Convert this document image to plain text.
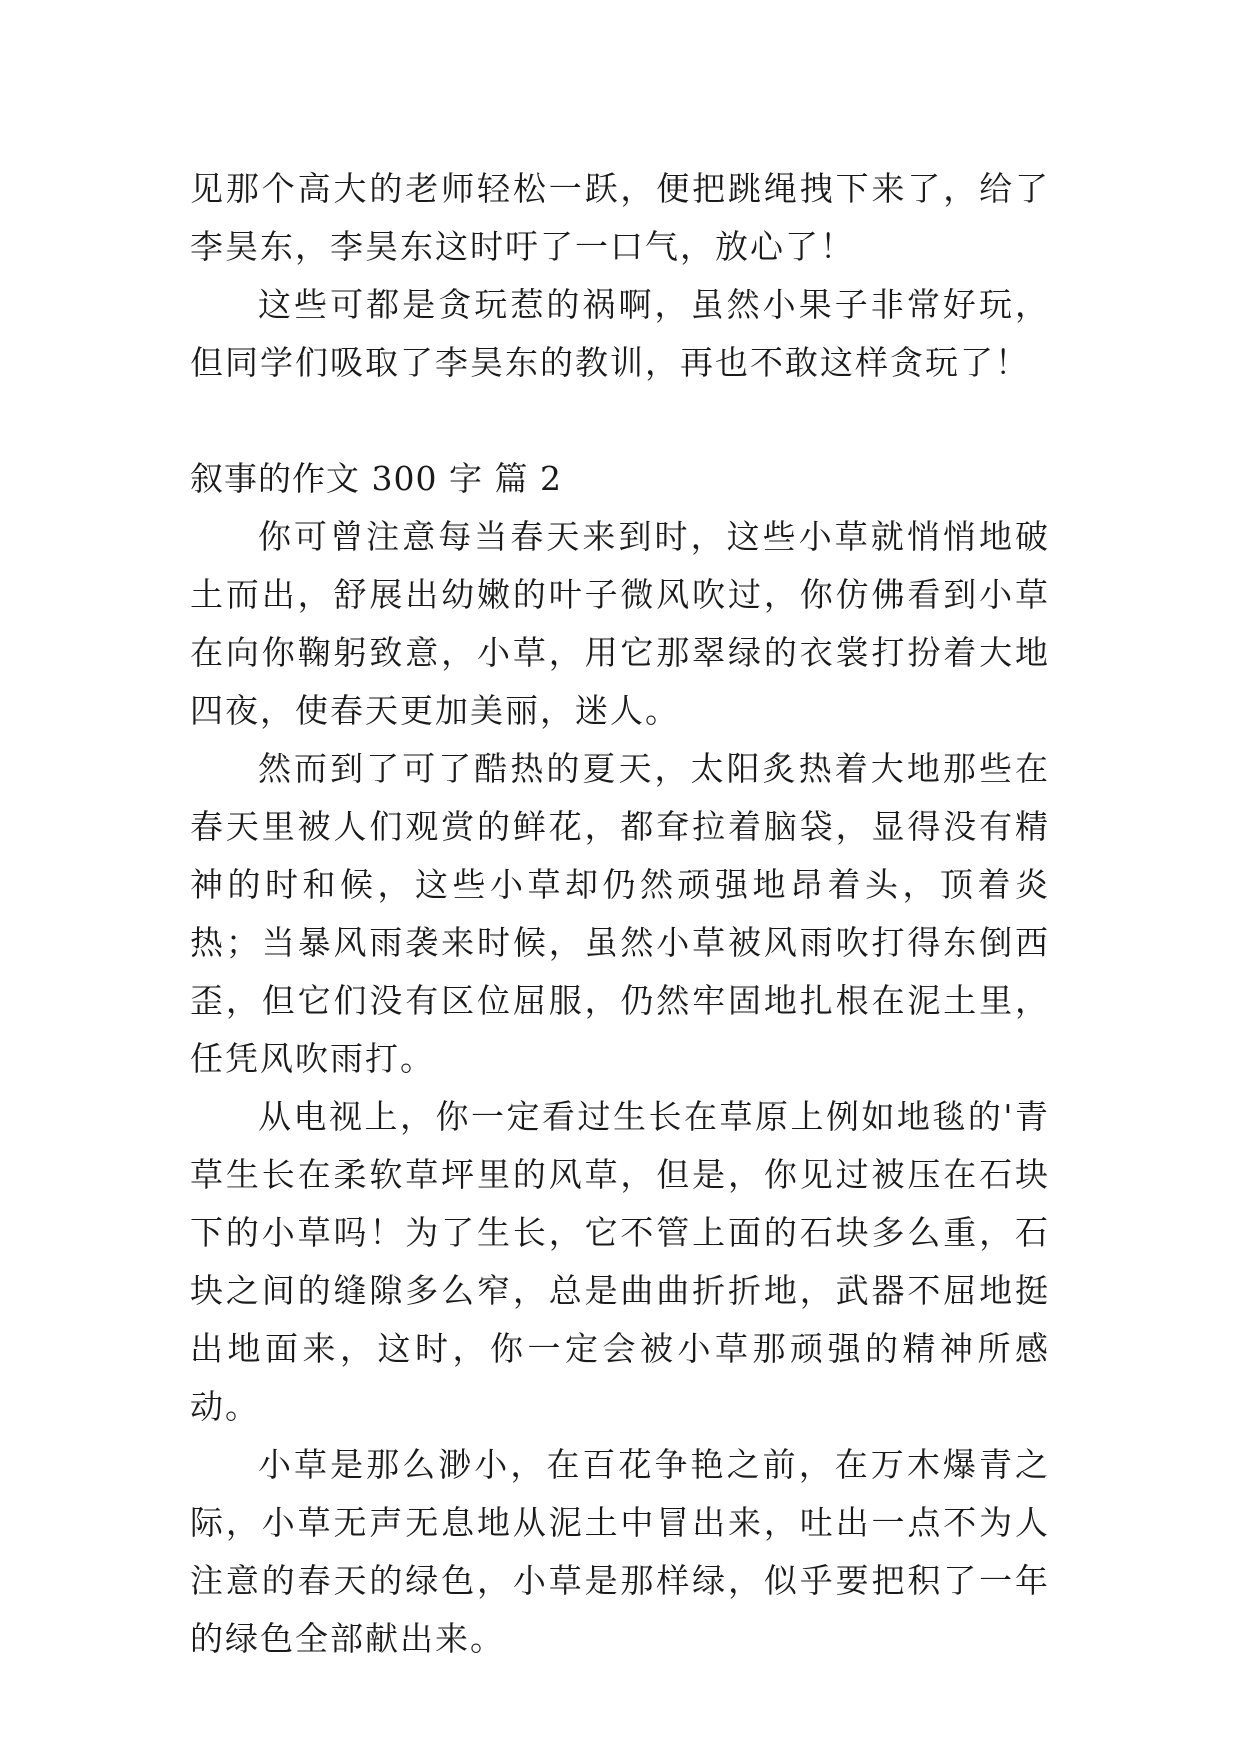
见那个高大的老师轻松一跃，便把跳绳拽下来了，给了李昊东，李昊东这时吁了一口气，放心了！

这些可都是贪玩惹的祸啊，虽然小果子非常好玩，但同学们吸取了李昊东的教训，再也不敢这样贪玩了！

叙事的作文 300 字 篇 2

你可曾注意每当春天来到时，这些小草就悄悄地破土而出，舒展出幼嫩的叶子微风吹过，你仿佛看到小草在向你鞠躬致意，小草，用它那翠绿的衣裳打扮着大地四夜，使春天更加美丽，迷人。

然而到了可了酷热的夏天，太阳炙热着大地那些在春天里被人们观赏的鲜花，都耷拉着脑袋，显得没有精神的时和候，这些小草却仍然顽强地昂着头，顶着炎热；当暴风雨袭来时候，虽然小草被风雨吹打得东倒西歪，但它们没有区位屈服，仍然牢固地扎根在泥土里，任凭风吹雨打。

从电视上，你一定看过生长在草原上例如地毯的'青草生长在柔软草坪里的风草，但是，你见过被压在石块下的小草吗！为了生长，它不管上面的石块多么重，石块之间的缝隙多么窄，总是曲曲折折地，武器不屈地挺出地面来，这时，你一定会被小草那顽强的精神所感动。

小草是那么渺小，在百花争艳之前，在万木爆青之际，小草无声无息地从泥土中冒出来，吐出一点不为人注意的春天的绿色，小草是那样绿，似乎要把积了一年的绿色全部献出来。
